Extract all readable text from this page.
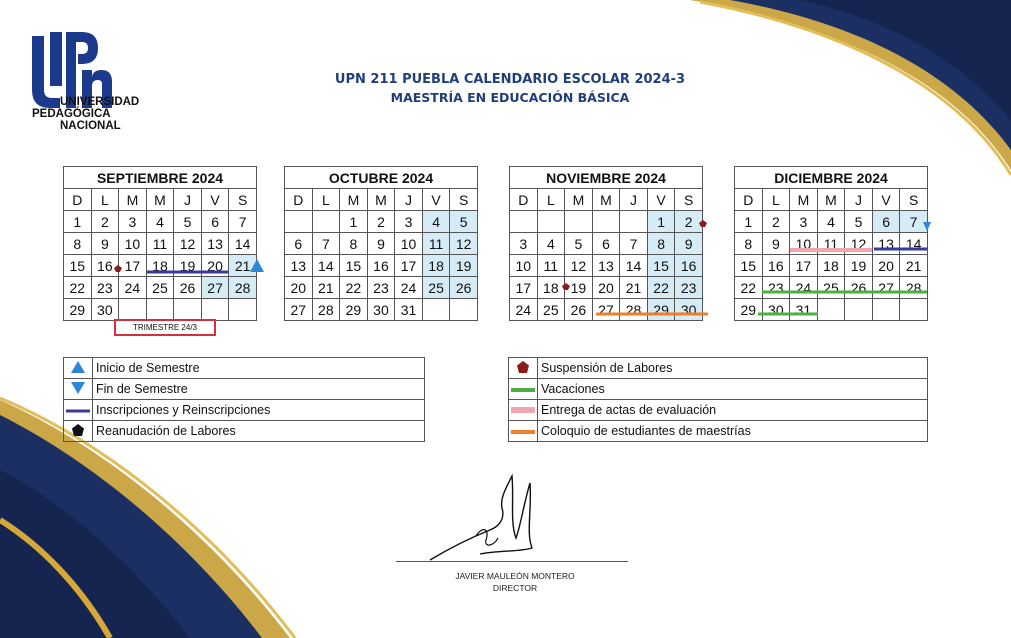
UNIVERSIDAD
PEDAGÓGICA
NACIONAL
UPN 211 PUEBLA CALENDARIO ESCOLAR 2024-3
MAESTRÍA EN EDUCACIÓN BÁSICA
SEPTIEMBRE 2024						
D	L	M	M	J	V	S
1	2	3	4	5	6	7
8	9	10	11	12	13	14
15	16	17	18	19	20	21
22	23	24	25	26	27	28
29	30					
OCTUBRE 2024						
D	L	M	M	J	V	S
		1	2	3	4	5
6	7	8	9	10	11	12
13	14	15	16	17	18	19
20	21	22	23	24	25	26
27	28	29	30	31		
NOVIEMBRE 2024						
D	L	M	M	J	V	S
					1	2
3	4	5	6	7	8	9
10	11	12	13	14	15	16
17	18	19	20	21	22	23
24	25	26	27	28	29	30
DICIEMBRE 2024						
D	L	M	M	J	V	S
1	2	3	4	5	6	7
8	9	10	11	12	13	14
15	16	17	18	19	20	21
22	23	24	25	26	27	28
29	30	31				
TRIMESTRE 24/3
	Inicio de Semestre
	Fin de Semestre
	Inscripciones y Reinscripciones
	Reanudación de Labores
	Suspensión de Labores
	Vacaciones
	Entrega de actas de evaluación
	Coloquio de estudiantes de maestrías
JAVIER MAULEÓN MONTERO
DIRECTOR
